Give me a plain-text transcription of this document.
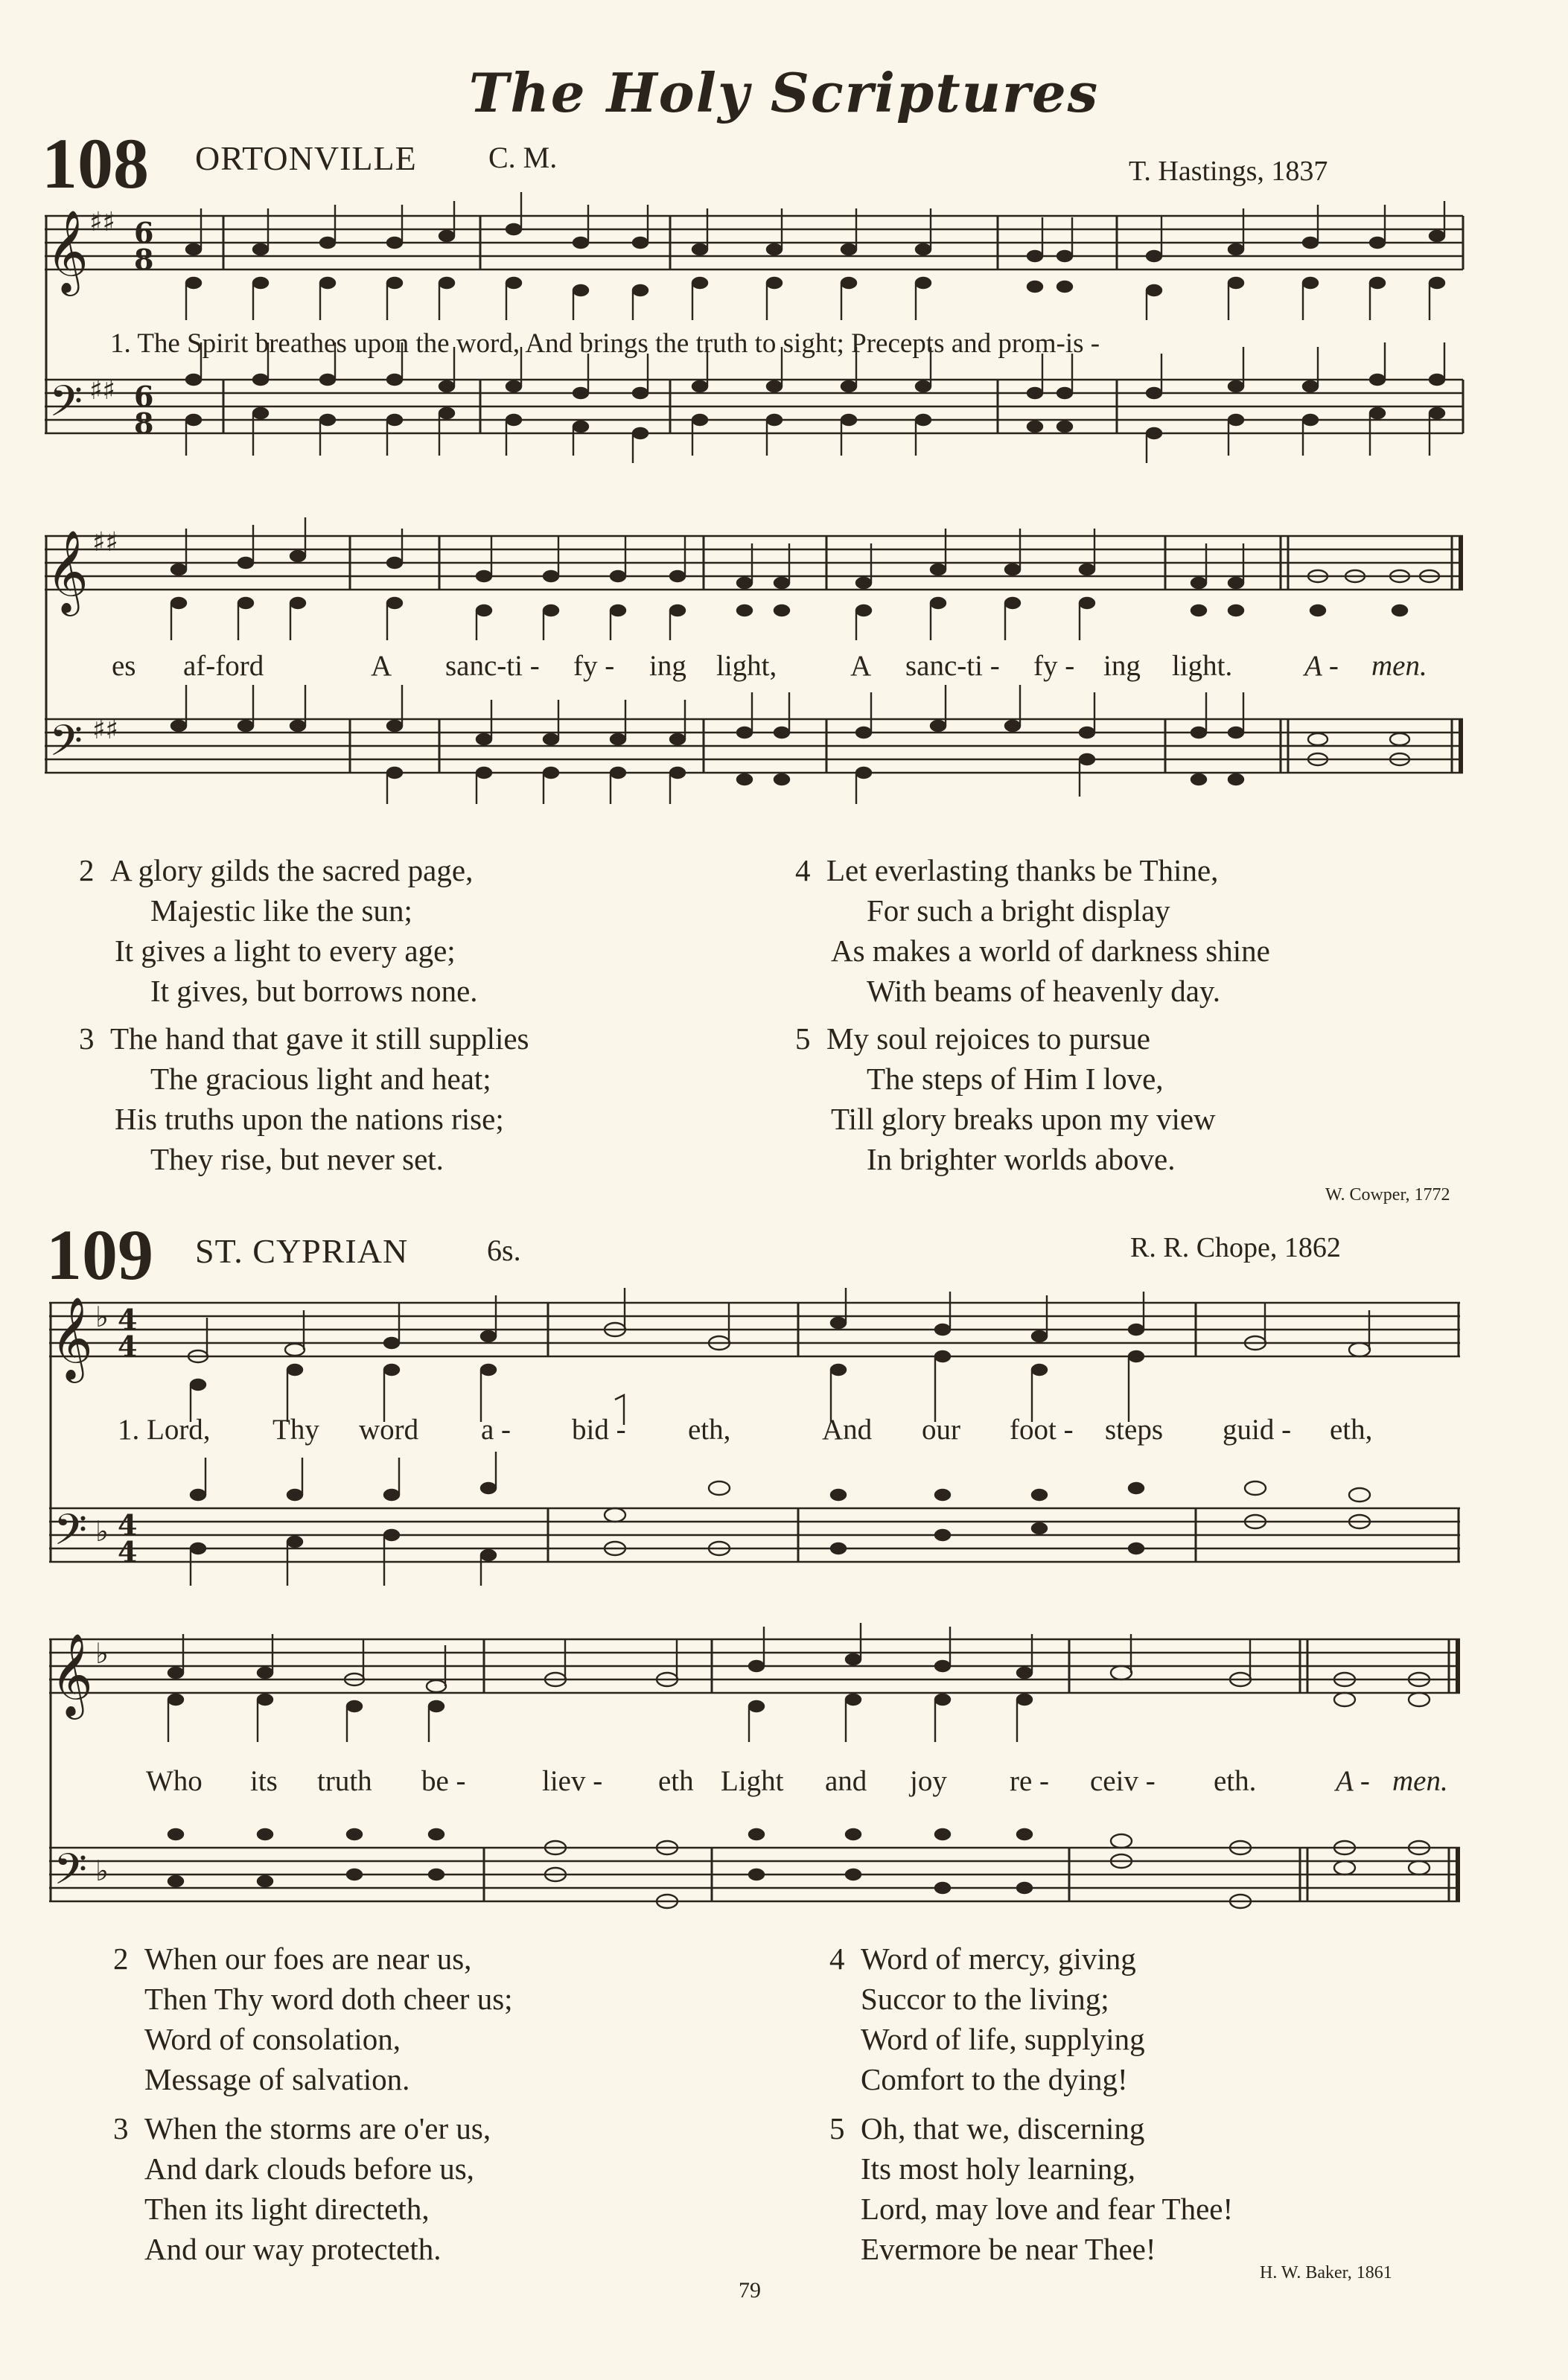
The Holy Scriptures
108 ORTONVILLE C. M.	T. Hastings, 1837
𝄞
𝄢
♯♯
♯♯
6
8
6
8
1. The Spirit breathes upon the word, And brings the truth to sight; Precepts and prom-is -
𝄞
𝄢
♯♯
♯♯
es af-ford	A sanc-ti - fy - ing light,	A sanc-ti - fy - ing light. A - men.
2 A glory gilds the sacred page,
Majestic like the sun;
It gives a light to every age;
It gives, but borrows none.
3 The hand that gave it still supplies
The gracious light and heat;
His truths upon the nations rise;
They rise, but never set.
4 Let everlasting thanks be Thine,
For such a bright display
As makes a world of darkness shine
With beams of heavenly day.
5 My soul rejoices to pursue
The steps of Him I love,
Till glory breaks upon my view
In brighter worlds above.
W. Cowper, 1772
109 ST. CYPRIAN	6s.	R. R. Chope, 1862
𝄞
𝄢
♭
♭
4
4
4
4
1. Lord, Thy word a - bid - eth,	And our foot - steps guid - eth,
𝄞
𝄢
♭
♭
Who its truth be -	liev - eth Light and joy re - ceiv - eth.	A - men.
2 When our foes are near us,
Then Thy word doth cheer us;
Word of consolation,
Message of salvation.
3 When the storms are o'er us,
And dark clouds before us,
Then its light directeth,
And our way protecteth.
4 Word of mercy, giving
Succor to the living;
Word of life, supplying
Comfort to the dying!
5 Oh, that we, discerning
Its most holy learning,
Lord, may love and fear Thee!
Evermore be near Thee!
79
H. W. Baker, 1861
